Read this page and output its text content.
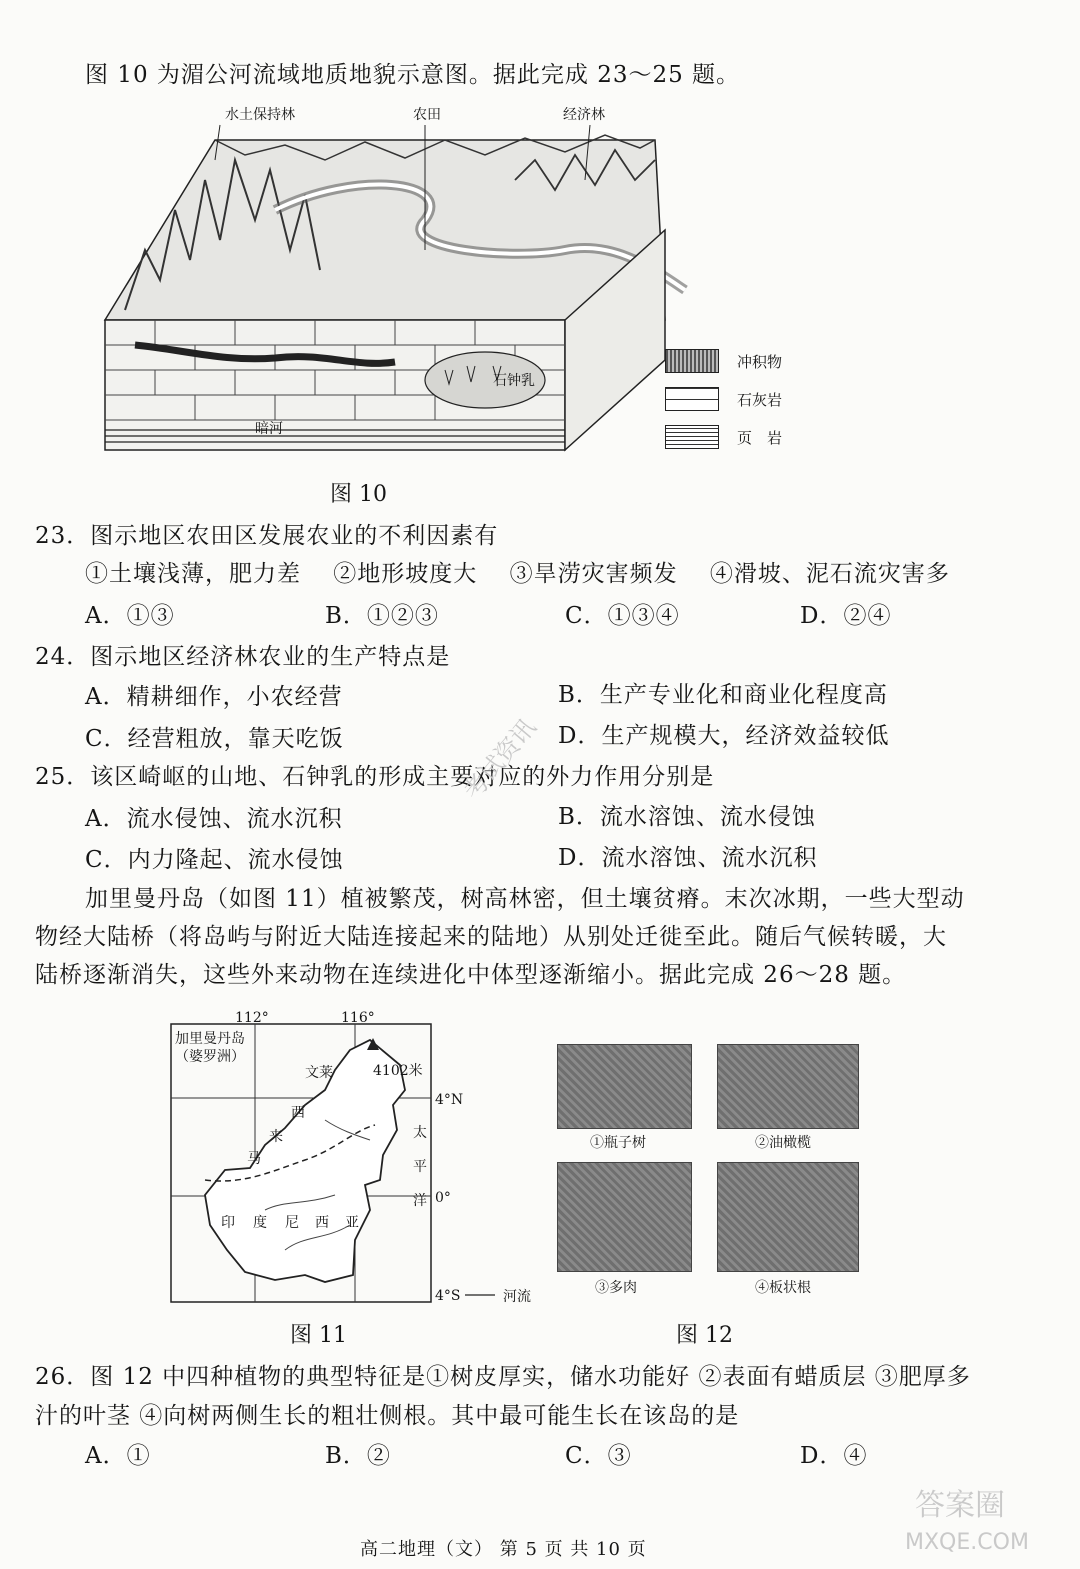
图 10 为湄公河流域地质地貌示意图。据此完成 23～25 题。
水土保持林	农田	经济林
暗河
石钟乳
冲积物
石灰岩
页　岩
图 10
23．图示地区农田区发展农业的不利因素有
①土壤浅薄，肥力差　 ②地形坡度大　 ③旱涝灾害频发　 ④滑坡、泥石流灾害多
A．①③	B．①②③	C．①③④	D．②④
24．图示地区经济林农业的生产特点是
A．精耕细作，小农经营	B．生产专业化和商业化程度高
C．经营粗放，靠天吃饭	D．生产规模大，经济效益较低
25．该区崎岖的山地、石钟乳的形成主要对应的外力作用分别是
A．流水侵蚀、流水沉积	B．流水溶蚀、流水侵蚀
C．内力隆起、流水侵蚀	D．流水溶蚀、流水沉积
加里曼丹岛（如图 11）植被繁茂，树高林密，但土壤贫瘠。末次冰期，一些大型动
物经大陆桥（将岛屿与附近大陆连接起来的陆地）从别处迁徙至此。随后气候转暖，大
陆桥逐渐消失，这些外来动物在连续进化中体型逐渐缩小。据此完成 26～28 题。
112°	116°
加里曼丹岛
（婆罗洲）
4102米
文莱
4°N
0°
4°S	河流
马
来
西
印 度 尼 西 亚
太
平
洋
图 11
①瓶子树	②油橄榄
③多肉	④板状根
图 12
26．图 12 中四种植物的典型特征是①树皮厚实，储水功能好 ②表面有蜡质层 ③肥厚多
汁的叶茎 ④向树两侧生长的粗壮侧根。其中最可能生长在该岛的是
A．①	B．②	C．③	D．④
高二地理（文） 第 5 页 共 10 页
考试资讯
MXQE.COM
答案圈
